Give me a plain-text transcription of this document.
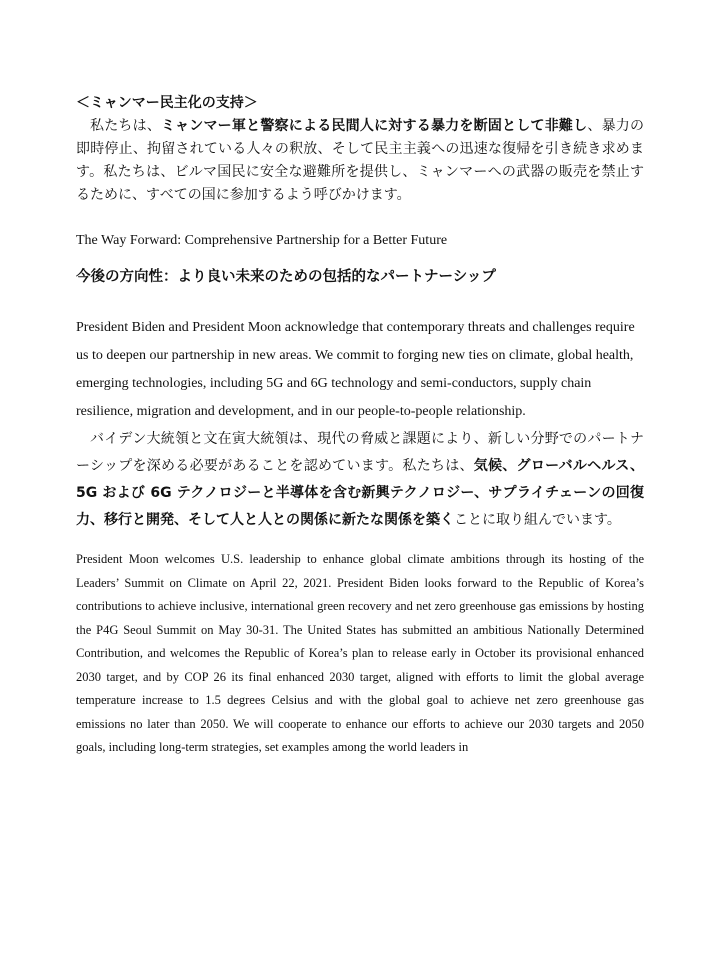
＜ミャンマー民主化の支持＞

私たちは、ミャンマー軍と警察による民間人に対する暴力を断固として非難し、暴力の即時停止、拘留されている人々の釈放、そして民主主義への迅速な復帰を引き続き求めます。私たちは、ビルマ国民に安全な避難所を提供し、ミャンマーへの武器の販売を禁止するために、すべての国に参加するよう呼びかけます。

The Way Forward: Comprehensive Partnership for a Better Future

今後の方向性：より良い未来のための包括的なパートナーシップ

President Biden and President Moon acknowledge that contemporary threats and challenges require us to deepen our partnership in new areas. We commit to forging new ties on climate, global health, emerging technologies, including 5G and 6G technology and semi-conductors, supply chain resilience, migration and development, and in our people-to-people relationship.

バイデン大統領と文在寅大統領は、現代の脅威と課題により、新しい分野でのパートナーシップを深める必要があることを認めています。私たちは、気候、グローバルヘルス、5G および 6G テクノロジーと半導体を含む新興テクノロジー、サプライチェーンの回復力、移行と開発、そして人と人との関係に新たな関係を築くことに取り組んでいます。

President Moon welcomes U.S. leadership to enhance global climate ambitions through its hosting of the Leaders’ Summit on Climate on April 22, 2021. President Biden looks forward to the Republic of Korea’s contributions to achieve inclusive, international green recovery and net zero greenhouse gas emissions by hosting the P4G Seoul Summit on May 30-31. The United States has submitted an ambitious Nationally Determined Contribution, and welcomes the Republic of Korea’s plan to release early in October its provisional enhanced 2030 target, and by COP 26 its final enhanced 2030 target, aligned with efforts to limit the global average temperature increase to 1.5 degrees Celsius and with the global goal to achieve net zero greenhouse gas emissions no later than 2050. We will cooperate to enhance our efforts to achieve our 2030 targets and 2050 goals, including long-term strategies, set examples among the world leaders in
